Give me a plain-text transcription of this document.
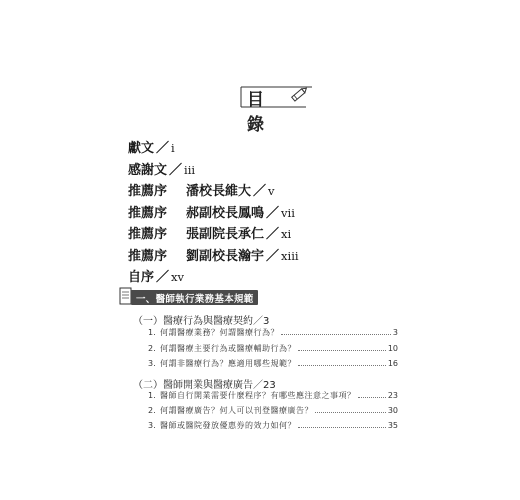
目 錄
獻文 ／ i
感謝文 ／ iii
推薦序 潘校長維大 ／ v
推薦序 郝副校長鳳鳴 ／ vii
推薦序 張副院長承仁 ／ xi
推薦序 劉副校長瀚宇 ／ xiii
自序 ／ xv
一、醫師執行業務基本規範
（一）醫療行為與醫療契約／3
1. 何謂醫療業務？何謂醫療行為？	3
2. 何謂醫療主要行為或醫療輔助行為？	10
3. 何謂非醫療行為？應適用哪些規範？	16
（二）醫師開業與醫療廣告／23
1. 醫師自行開業需要什麼程序？有哪些應注意之事項？	23
2. 何謂醫療廣告？何人可以刊登醫療廣告？	30
3. 醫師或醫院發放優惠券的效力如何？	35
